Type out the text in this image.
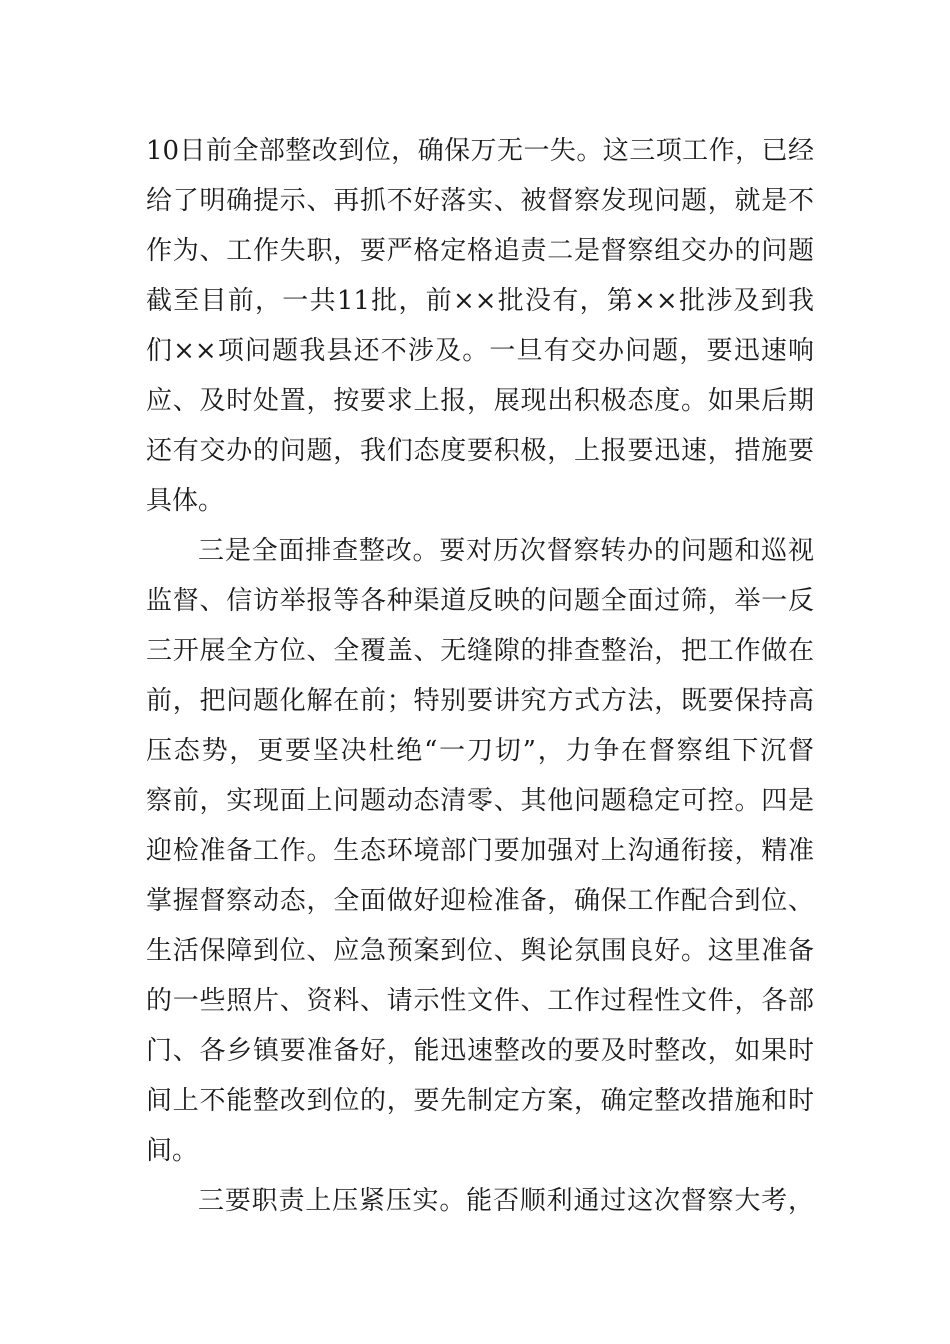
10日前全部整改到位，确保万无一失。这三项工作，已经
给了明确提示、再抓不好落实、被督察发现问题，就是不
作为、工作失职，要严格定格追责二是督察组交办的问题
截至目前，一共11批，前××批没有，第××批涉及到我
们××项问题我县还不涉及。一旦有交办问题，要迅速响
应、及时处置，按要求上报，展现出积极态度。如果后期
还有交办的问题，我们态度要积极，上报要迅速，措施要
具体。
三是全面排查整改。要对历次督察转办的问题和巡视
监督、信访举报等各种渠道反映的问题全面过筛，举一反
三开展全方位、全覆盖、无缝隙的排查整治，把工作做在
前，把问题化解在前；特别要讲究方式方法，既要保持高
压态势，更要坚决杜绝“一刀切”，力争在督察组下沉督
察前，实现面上问题动态清零、其他问题稳定可控。四是
迎检准备工作。生态环境部门要加强对上沟通衔接，精准
掌握督察动态，全面做好迎检准备，确保工作配合到位、
生活保障到位、应急预案到位、舆论氛围良好。这里准备
的一些照片、资料、请示性文件、工作过程性文件，各部
门、各乡镇要准备好，能迅速整改的要及时整改，如果时
间上不能整改到位的，要先制定方案，确定整改措施和时
间。
三要职责上压紧压实。能否顺利通过这次督察大考，
